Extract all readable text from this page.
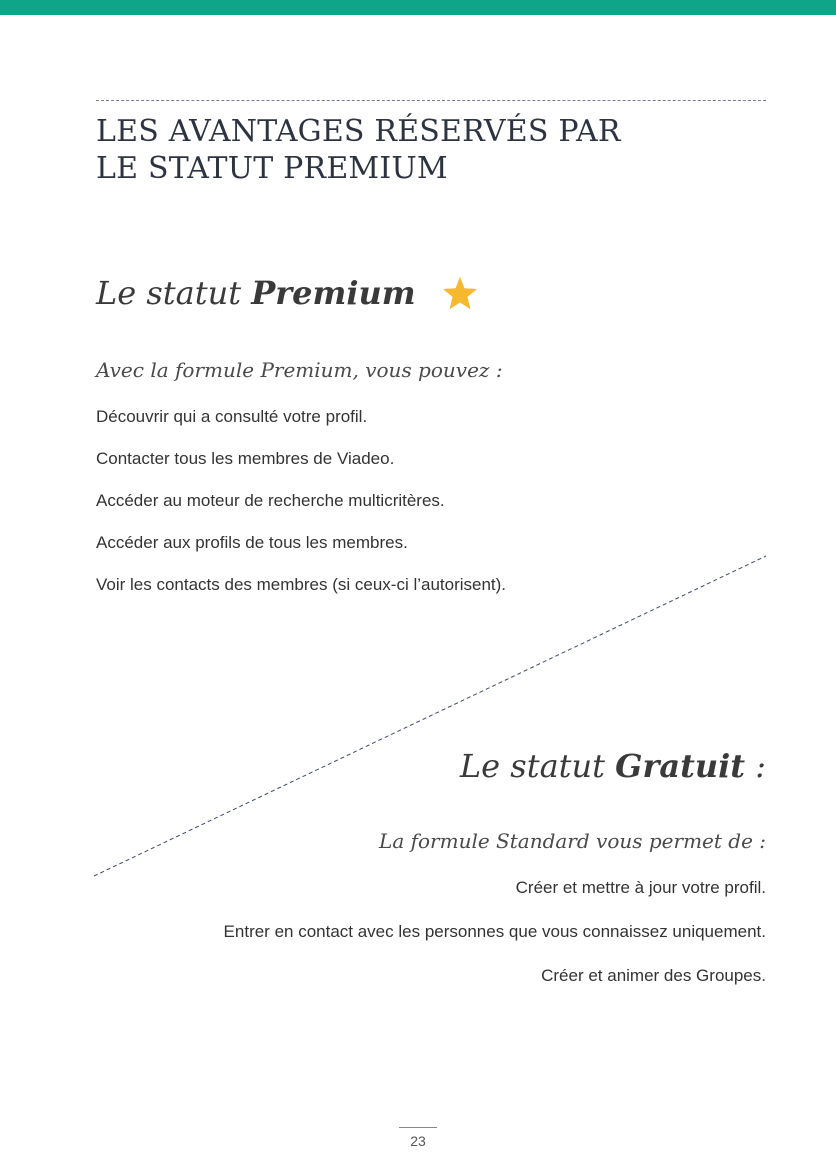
LES AVANTAGES RÉSERVÉS PAR
LE STATUT PREMIUM
Le statut Premium

Avec la formule Premium, vous pouvez :

Découvrir qui a consulté votre profil.
Contacter tous les membres de Viadeo.
Accéder au moteur de recherche multicritères.
Accéder aux profils de tous les membres.
Voir les contacts des membres (si ceux-ci l’autorisent).
Le statut Gratuit :

La formule Standard vous permet de :

Créer et mettre à jour votre profil.
Entrer en contact avec les personnes que vous connaissez uniquement.
Créer et animer des Groupes.
23
